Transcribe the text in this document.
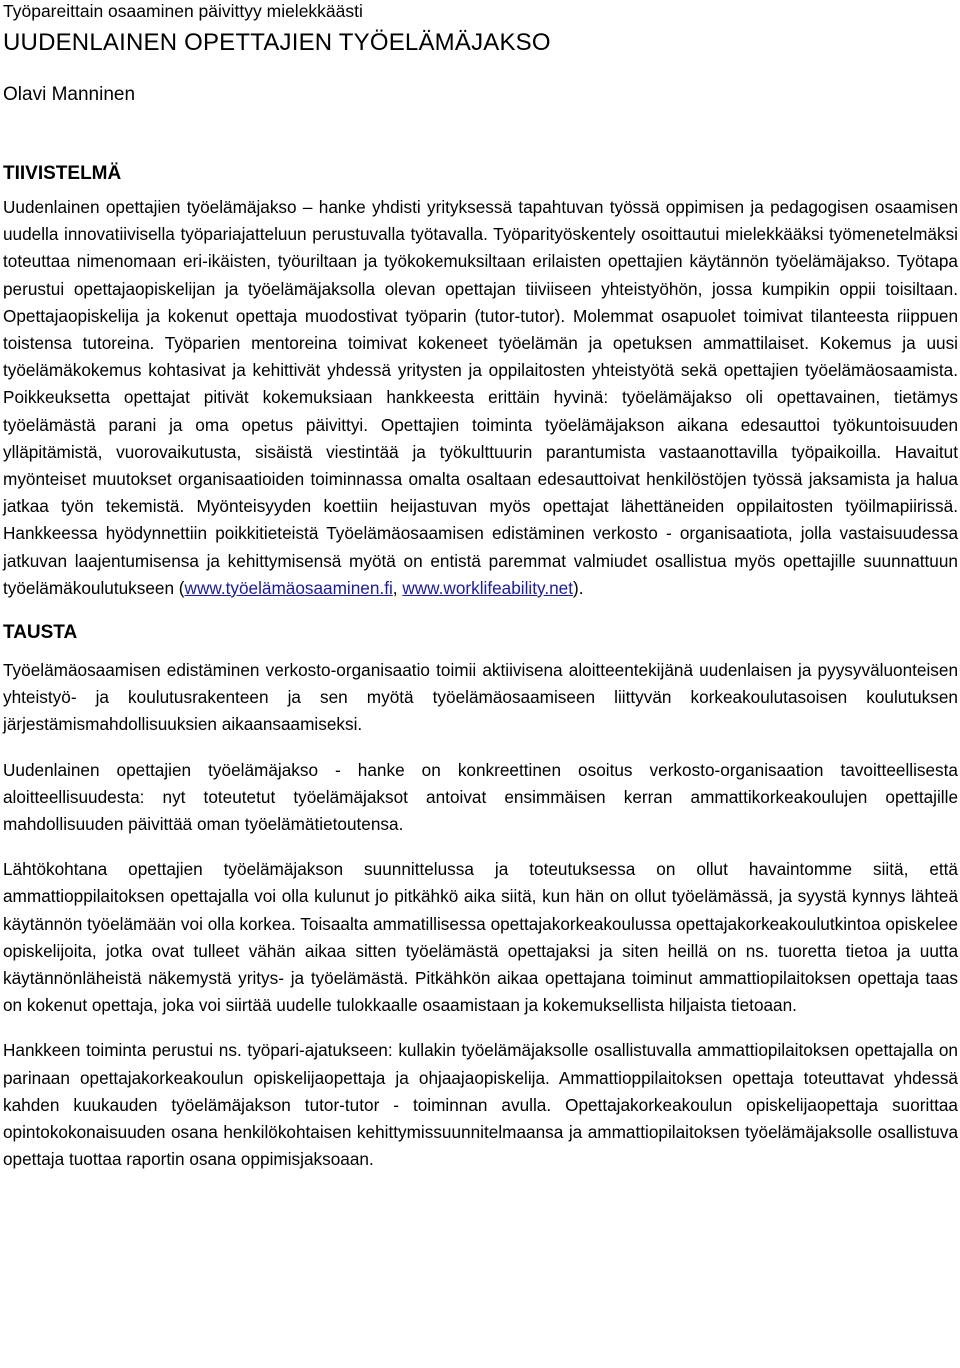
Työpareittain osaaminen päivittyy mielekkäästi

UUDENLAINEN OPETTAJIEN TYÖELÄMÄJAKSO

Olavi Manninen

TIIVISTELMÄ

Uudenlainen opettajien työelämäjakso – hanke yhdisti yrityksessä tapahtuvan työssä oppimisen ja pedagogisen osaamisen uudella innovatiivisella työpariajatteluun perustuvalla työtavalla. Työparityöskentely osoittautui mielekkääksi työmenetelmäksi toteuttaa nimenomaan eri-ikäisten, työuriltaan ja työkokemuksiltaan erilaisten opettajien käytännön työelämäjakso. Työtapa perustui opettajaopiskelijan ja työelämäjaksolla olevan opettajan tiiviiseen yhteistyöhön, jossa kumpikin oppii toisiltaan. Opettajaopiskelija ja kokenut opettaja muodostivat työparin (tutor-tutor). Molemmat osapuolet toimivat tilanteesta riippuen toistensa tutoreina. Työparien mentoreina toimivat kokeneet työelämän ja opetuksen ammattilaiset. Kokemus ja uusi työelämäkokemus kohtasivat ja kehittivät yhdessä yritysten ja oppilaitosten yhteistyötä sekä opettajien työelämäosaamista. Poikkeuksetta opettajat pitivät kokemuksiaan hankkeesta erittäin hyvinä: työelämäjakso oli opettavainen, tietämys työelämästä parani ja oma opetus päivittyi. Opettajien toiminta työelämäjakson aikana edesauttoi työkuntoisuuden ylläpitämistä, vuorovaikutusta, sisäistä viestintää ja työkulttuurin parantumista vastaanottavilla työpaikoilla. Havaitut myönteiset muutokset organisaatioiden toiminnassa omalta osaltaan edesauttoivat henkilöstöjen työssä jaksamista ja halua jatkaa työn tekemistä. Myönteisyyden koettiin heijastuvan myös opettajat lähettäneiden oppilaitosten työilmapiirissä. Hankkeessa hyödynnettiin poikkitieteistä Työelämäosaamisen edistäminen verkosto - organisaatiota, jolla vastaisuudessa jatkuvan laajentumisensa ja kehittymisensä myötä on entistä paremmat valmiudet osallistua myös opettajille suunnattuun työelämäkoulutukseen (www.työelämäosaaminen.fi, www.worklifeability.net).

TAUSTA

Työelämäosaamisen edistäminen verkosto-organisaatio toimii aktiivisena aloitteentekijänä uudenlaisen ja pyysyväluonteisen yhteistyö- ja koulutusrakenteen ja sen myötä työelämäosaamiseen liittyvän korkeakoulutasoisen koulutuksen järjestämismahdollisuuksien aikaansaamiseksi.

Uudenlainen opettajien työelämäjakso - hanke on konkreettinen osoitus verkosto-organisaation tavoitteellisesta aloitteellisuudesta: nyt toteutetut työelämäjaksot antoivat ensimmäisen kerran ammattikorkeakoulujen opettajille mahdollisuuden päivittää oman työelämätietoutensa.

Lähtökohtana opettajien työelämäjakson suunnittelussa ja toteutuksessa on ollut havaintomme siitä, että ammattioppilaitoksen opettajalla voi olla kulunut jo pitkähkö aika siitä, kun hän on ollut työelämässä, ja syystä kynnys lähteä käytännön työelämään voi olla korkea. Toisaalta ammatillisessa opettajakorkeakoulussa opettajakorkeakoulutkintoa opiskelee opiskelijoita, jotka ovat tulleet vähän aikaa sitten työelämästä opettajaksi ja siten heillä on ns. tuoretta tietoa ja uutta käytännönläheistä näkemystä yritys- ja työelämästä. Pitkähkön aikaa opettajana toiminut ammattiopilaitoksen opettaja taas on kokenut opettaja, joka voi siirtää uudelle tulokkaalle osaamistaan ja kokemuksellista hiljaista tietoaan.

Hankkeen toiminta perustui ns. työpari-ajatukseen: kullakin työelämäjaksolle osallistuvalla ammattiopilaitoksen opettajalla on parinaan opettajakorkeakoulun opiskelijaopettaja ja ohjaajaopiskelija. Ammattioppilaitoksen opettaja toteuttavat yhdessä kahden kuukauden työelämäjakson tutor-tutor - toiminnan avulla. Opettajakorkeakoulun opiskelijaopettaja suorittaa opintokokonaisuuden osana henkilökohtaisen kehittymissuunnitelmaansa ja ammattiopilaitoksen työelämäjaksolle osallistuva opettaja tuottaa raportin osana oppimisjaksoaan.
